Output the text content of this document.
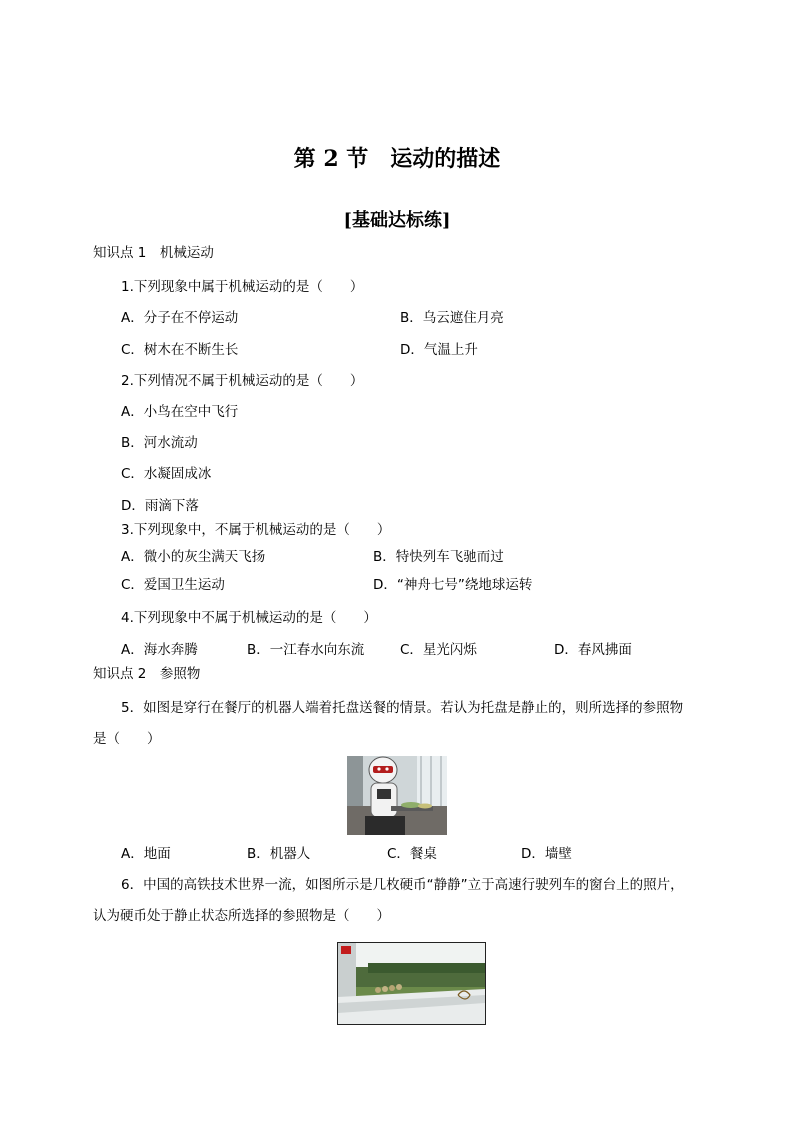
第 2 节　运动的描述
[基础达标练]
知识点 1　机械运动
1.下列现象中属于机械运动的是（　　）
A．分子在不停运动	B．乌云遮住月亮
C．树木在不断生长	D．气温上升
2.下列情况不属于机械运动的是（　　）
A．小鸟在空中飞行
B．河水流动
C．水凝固成冰
D．雨滴下落
3.下列现象中，不属于机械运动的是（　　）
A．微小的灰尘满天飞扬	B．特快列车飞驰而过
C．爱国卫生运动	D．“神舟七号”绕地球运转
4.下列现象中不属于机械运动的是（　　）
A．海水奔腾	B．一江春水向东流	C．星光闪烁	D．春风拂面
知识点 2　参照物
5．如图是穿行在餐厅的机器人端着托盘送餐的情景。若认为托盘是静止的，则所选择的参照物
是（　　）
A．地面	B．机器人	C．餐桌	D．墙壁
6．中国的高铁技术世界一流，如图所示是几枚硬币“静静”立于高速行驶列车的窗台上的照片，
认为硬币处于静止状态所选择的参照物是（　　）
